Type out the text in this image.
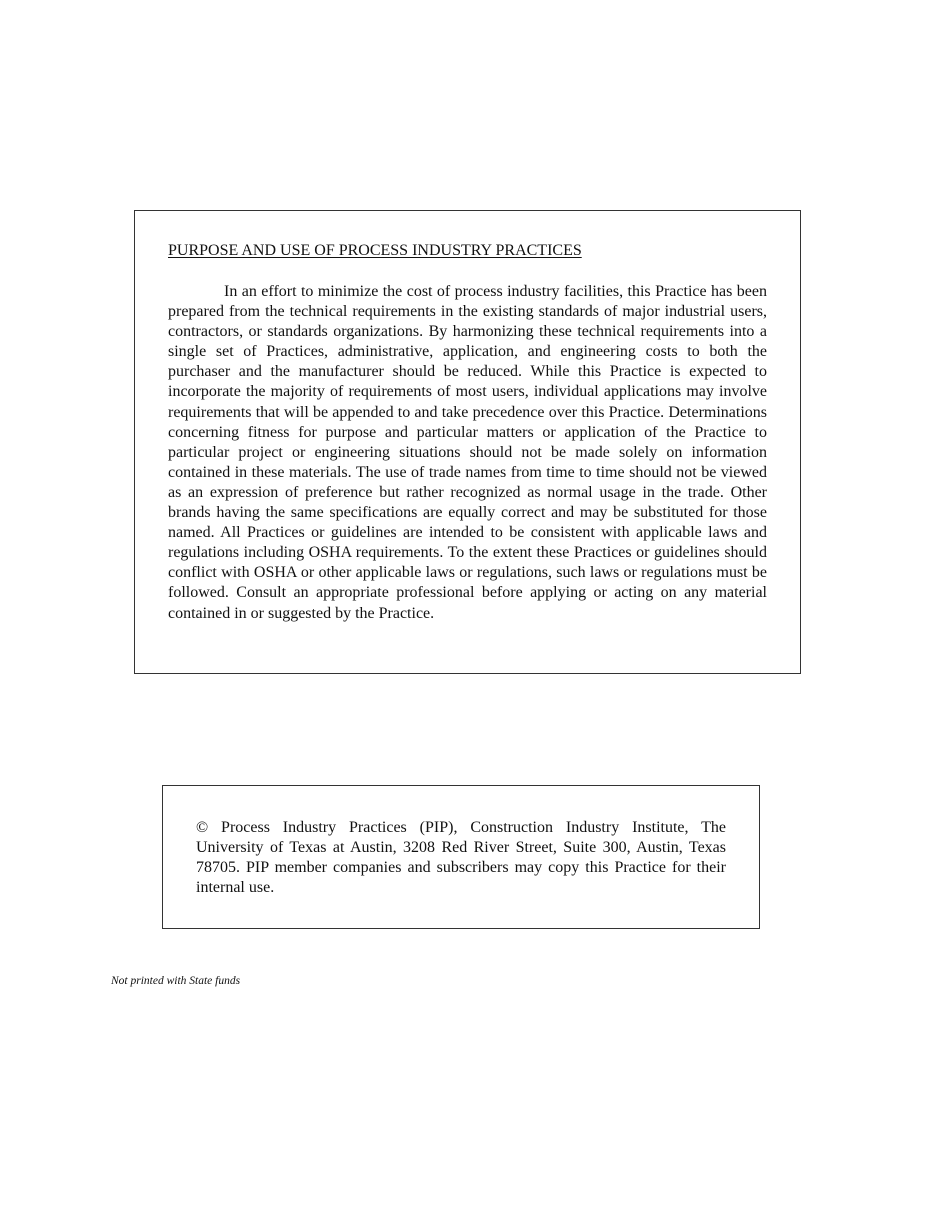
PURPOSE AND USE OF PROCESS INDUSTRY PRACTICES

In an effort to minimize the cost of process industry facilities, this Practice has been prepared from the technical requirements in the existing standards of major industrial users, contractors, or standards organizations. By harmonizing these technical requirements into a single set of Practices, administrative, application, and engineering costs to both the purchaser and the manufacturer should be reduced. While this Practice is expected to incorporate the majority of requirements of most users, individual applications may involve requirements that will be appended to and take precedence over this Practice. Determinations concerning fitness for purpose and particular matters or application of the Practice to particular project or engineering situations should not be made solely on information contained in these materials. The use of trade names from time to time should not be viewed as an expression of preference but rather recognized as normal usage in the trade. Other brands having the same specifications are equally correct and may be substituted for those named. All Practices or guidelines are intended to be consistent with applicable laws and regulations including OSHA requirements. To the extent these Practices or guidelines should conflict with OSHA or other applicable laws or regulations, such laws or regulations must be followed. Consult an appropriate professional before applying or acting on any material contained in or suggested by the Practice.

© Process Industry Practices (PIP), Construction Industry Institute, The University of Texas at Austin, 3208 Red River Street, Suite 300, Austin, Texas 78705. PIP member companies and subscribers may copy this Practice for their internal use.

Not printed with State funds
